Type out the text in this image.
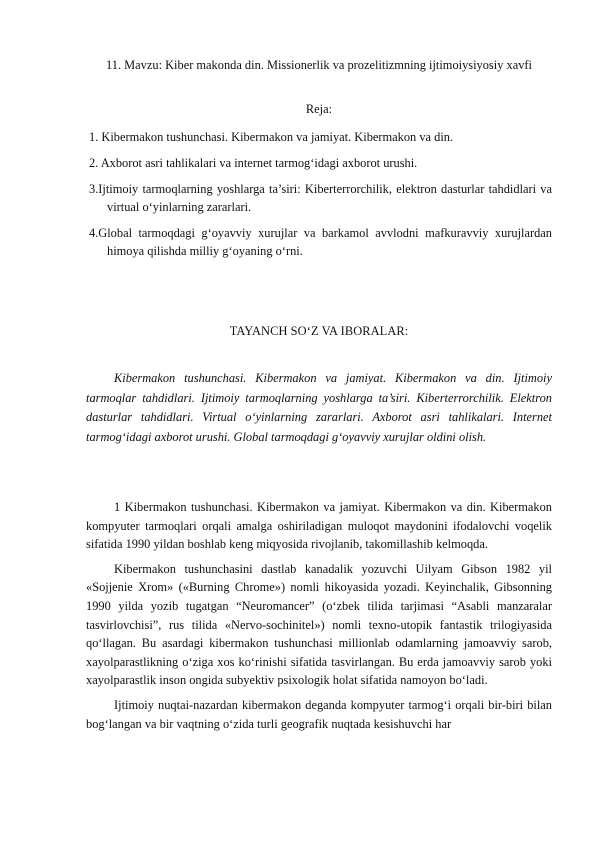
11. Mavzu: Kiber makonda din. Missionerlik va prozelitizmning ijtimoiysiyosiy xavfi
Reja:
1. Kibermakon tushunchasi. Kibermakon va jamiyat. Kibermakon va din.
2. Axborot asri tahlikalari va internet tarmog‘idagi axborot urushi.
3.Ijtimoiy tarmoqlarning yoshlarga ta’siri: Kiberterrorchilik, elektron dasturlar tahdidlari va virtual o‘yinlarning zararlari.
4.Global tarmoqdagi g‘oyavviy xurujlar va barkamol avvlodni mafkuravviy xurujlardan himoya qilishda milliy g‘oyaning o‘rni.
TAYANCH SO‘Z VA IBORALAR:
Kibermakon tushunchasi. Kibermakon va jamiyat. Kibermakon va din. Ijtimoiy tarmoqlar tahdidlari. Ijtimoiy tarmoqlarning yoshlarga ta’siri. Kiberterrorchilik. Elektron dasturlar tahdidlari. Virtual o‘yinlarning zararlari. Axborot asri tahlikalari. Internet tarmog‘idagi axborot urushi. Global tarmoqdagi g‘oyavviy xurujlar oldini olish.

1 Kibermakon tushunchasi. Kibermakon va jamiyat. Kibermakon va din. Kibermakon kompyuter tarmoqlari orqali amalga oshiriladigan muloqot maydonini ifodalovchi voqelik sifatida 1990 yildan boshlab keng miqyosida rivojlanib, takomillashib kelmoqda.

Kibermakon tushunchasini dastlab kanadalik yozuvchi Uilyam Gibson 1982 yil «Sojjenie Xrom» («Burning Chrome») nomli hikoyasida yozadi. Keyinchalik, Gibsonning 1990 yilda yozib tugatgan “Neuromancer” (o‘zbek tilida tarjimasi “Asabli manzaralar tasvirlovchisi”, rus tilida «Nervo-sochinitel») nomli texno-utopik fantastik trilogiyasida qo‘llagan. Bu asardagi kibermakon tushunchasi millionlab odamlarning jamoavviy sarob, xayolparastlikning o‘ziga xos ko‘rinishi sifatida tasvirlangan. Bu erda jamoavviy sarob yoki xayolparastlik inson ongida subyektiv psixologik holat sifatida namoyon bo‘ladi.

Ijtimoiy nuqtai-nazardan kibermakon deganda kompyuter tarmog‘i orqali bir-biri bilan bog‘langan va bir vaqtning o‘zida turli geografik nuqtada kesishuvchi har
